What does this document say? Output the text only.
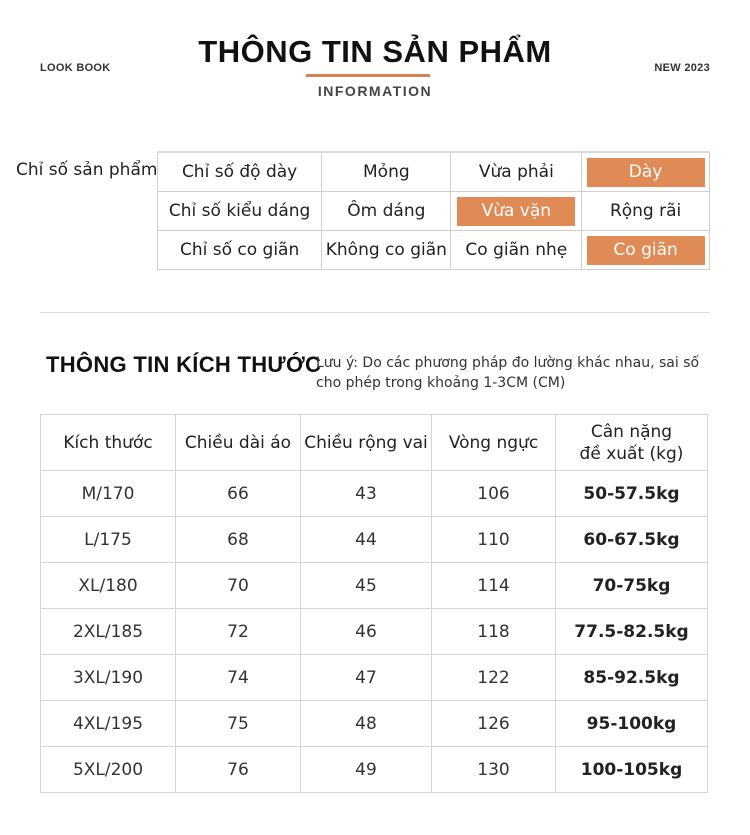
LOOK BOOK	THÔNG TIN SẢN PHẨM
INFORMATION
NEW 2023
Chỉ số sản phẩm Chỉ số độ dày	Mỏng	Vừa phải	Dày
Chỉ số kiểu dáng	Ôm dáng	Vừa vặn	Rộng rãi
Chỉ số co giãn	Không co giãn	Co giãn nhẹ	Co giãn
THÔNG TIN KÍCH THƯỚC
Lưu ý: Do các phương pháp đo lường khác nhau, sai số
cho phép trong khoảng 1-3CM (CM)
Kích thước	Chiều dài áo	Chiều rộng vai	Vòng ngực	Cân nặng
đề xuất (kg)

M/170	66	43	106	50-57.5kg
L/175	68	44	110	60-67.5kg
XL/180	70	45	114	70-75kg
2XL/185	72	46	118	77.5-82.5kg
3XL/190	74	47	122	85-92.5kg
4XL/195	75	48	126	95-100kg
5XL/200	76	49	130	100-105kg
